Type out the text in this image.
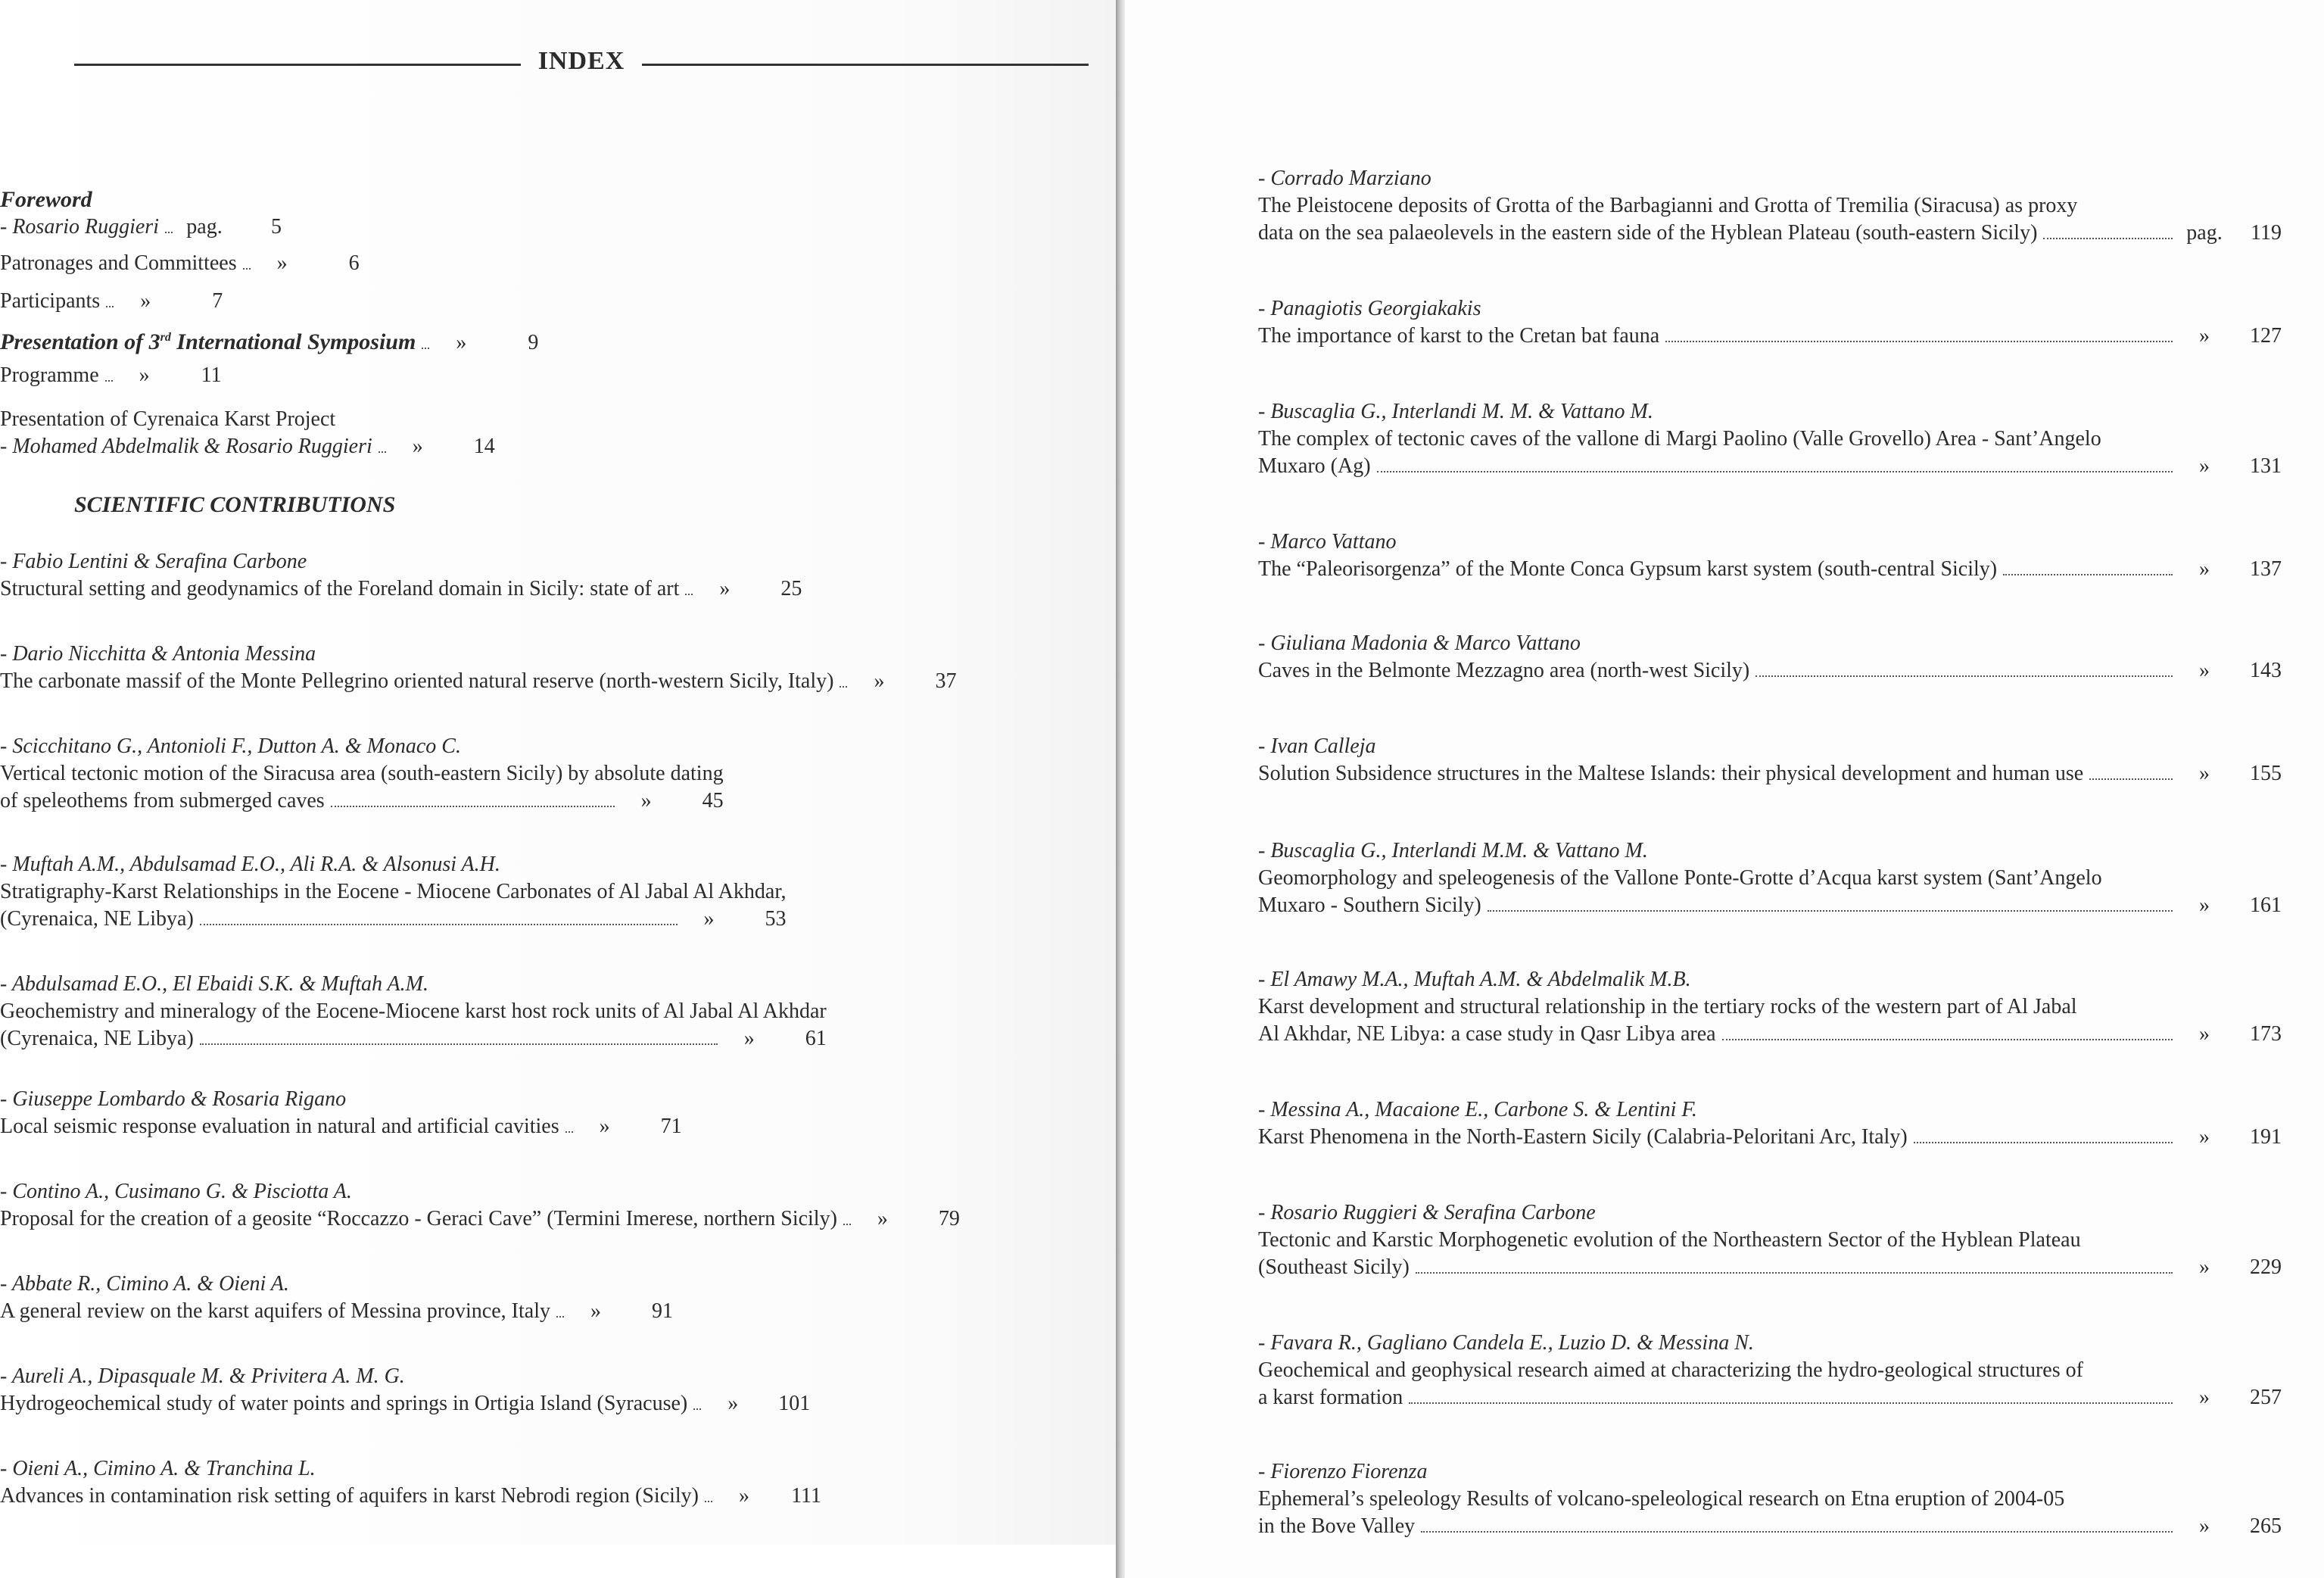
INDEX
Foreword
- Rosario Ruggieri pag.	5
Patronages and Committees	»	6
Participants	»	7
Presentation of 3rd International Symposium	»	9
Programme	»	11
Presentation of Cyrenaica Karst Project
- Mohamed Abdelmalik & Rosario Ruggieri	»	14
SCIENTIFIC CONTRIBUTIONS
- Fabio Lentini & Serafina Carbone
Structural setting and geodynamics of the Foreland domain in Sicily: state of art	»	25
- Dario Nicchitta & Antonia Messina
The carbonate massif of the Monte Pellegrino oriented natural reserve (north-western Sicily, Italy)	»	37
- Scicchitano G., Antonioli F., Dutton A. & Monaco C.
Vertical tectonic motion of the Siracusa area (south-eastern Sicily) by absolute dating
of speleothems from submerged caves	»	45
- Muftah A.M., Abdulsamad E.O., Ali R.A. & Alsonusi A.H.
Stratigraphy-Karst Relationships in the Eocene - Miocene Carbonates of Al Jabal Al Akhdar,
(Cyrenaica, NE Libya)	»	53
- Abdulsamad E.O., El Ebaidi S.K. & Muftah A.M.
Geochemistry and mineralogy of the Eocene-Miocene karst host rock units of Al Jabal Al Akhdar
(Cyrenaica, NE Libya)	»	61
- Giuseppe Lombardo & Rosaria Rigano
Local seismic response evaluation in natural and artificial cavities	»	71
- Contino A., Cusimano G. & Pisciotta A.
Proposal for the creation of a geosite “Roccazzo - Geraci Cave” (Termini Imerese, northern Sicily)	»	79
- Abbate R., Cimino A. & Oieni A.
A general review on the karst aquifers of Messina province, Italy	»	91
- Aureli A., Dipasquale M. & Privitera A. M. G.
Hydrogeochemical study of water points and springs in Ortigia Island (Syracuse)	»	101
- Oieni A., Cimino A. & Tranchina L.
Advances in contamination risk setting of aquifers in karst Nebrodi region (Sicily)	»	111
- Corrado Marziano
The Pleistocene deposits of Grotta of the Barbagianni and Grotta of Tremilia (Siracusa) as proxy
data on the sea palaeolevels in the eastern side of the Hyblean Plateau (south-eastern Sicily)	pag.	119
- Panagiotis Georgiakakis
The importance of karst to the Cretan bat fauna	»	127
- Buscaglia G., Interlandi M. M. & Vattano M.
The complex of tectonic caves of the vallone di Margi Paolino (Valle Grovello) Area - Sant’Angelo
Muxaro (Ag)	»	131
- Marco Vattano
The “Paleorisorgenza” of the Monte Conca Gypsum karst system (south-central Sicily)	»	137
- Giuliana Madonia & Marco Vattano
Caves in the Belmonte Mezzagno area (north-west Sicily)	»	143
- Ivan Calleja
Solution Subsidence structures in the Maltese Islands: their physical development and human use	»	155
- Buscaglia G., Interlandi M.M. & Vattano M.
Geomorphology and speleogenesis of the Vallone Ponte-Grotte d’Acqua karst system (Sant’Angelo
Muxaro - Southern Sicily)	»	161
- El Amawy M.A., Muftah A.M. & Abdelmalik M.B.
Karst development and structural relationship in the tertiary rocks of the western part of Al Jabal
Al Akhdar, NE Libya: a case study in Qasr Libya area	»	173
- Messina A., Macaione E., Carbone S. & Lentini F.
Karst Phenomena in the North-Eastern Sicily (Calabria-Peloritani Arc, Italy)	»	191
- Rosario Ruggieri & Serafina Carbone
Tectonic and Karstic Morphogenetic evolution of the Northeastern Sector of the Hyblean Plateau
(Southeast Sicily)	»	229
- Favara R., Gagliano Candela E., Luzio D. & Messina N.
Geochemical and geophysical research aimed at characterizing the hydro-geological structures of
a karst formation	»	257
- Fiorenzo Fiorenza
Ephemeral’s speleology Results of volcano-speleological research on Etna eruption of 2004-05
in the Bove Valley	»	265
